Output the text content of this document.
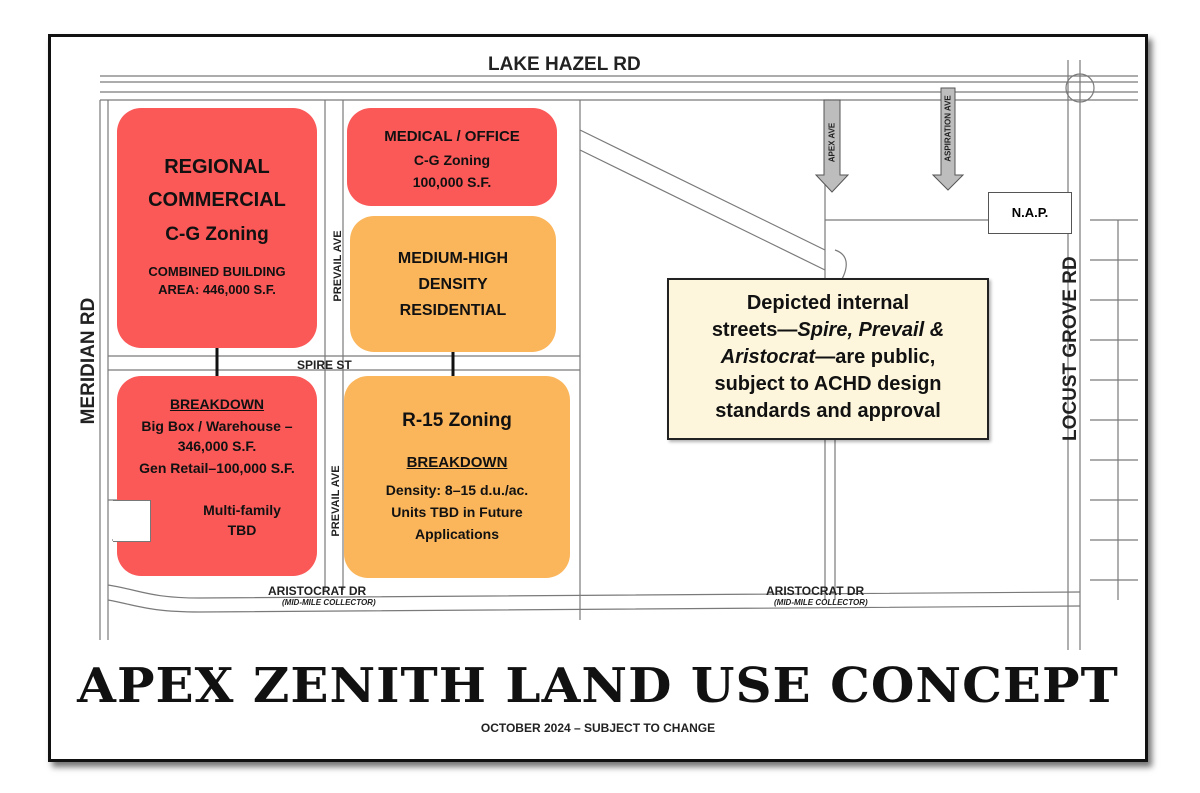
LAKE HAZEL RD
MERIDIAN RD	LOCUST GROVE RD
SPIRE ST
PREVAIL AVE
PREVAIL AVE
ARISTOCRAT DR
(MID-MILE COLLECTOR)
ARISTOCRAT DR
(MID-MILE COLLECTOR)
APEX AVE	ASPIRATION AVE
N.A.P.
REGIONAL
COMMERCIAL
C-G Zoning
COMBINED BUILDING
AREA: 446,000 S.F.
BREAKDOWN
Big Box / Warehouse –
346,000 S.F.
Gen Retail–100,000 S.F.
Multi-family
TBD
MEDICAL / OFFICE
C-G Zoning
100,000 S.F.
MEDIUM-HIGH
DENSITY
RESIDENTIAL
R-15 Zoning
BREAKDOWN
Density: 8–15 d.u./ac.
Units TBD in Future
Applications
Depicted internal
streets—Spire, Prevail &
Aristocrat—are public,
subject to ACHD design
standards and approval
APEX ZENITH LAND USE CONCEPT
OCTOBER 2024 – SUBJECT TO CHANGE
